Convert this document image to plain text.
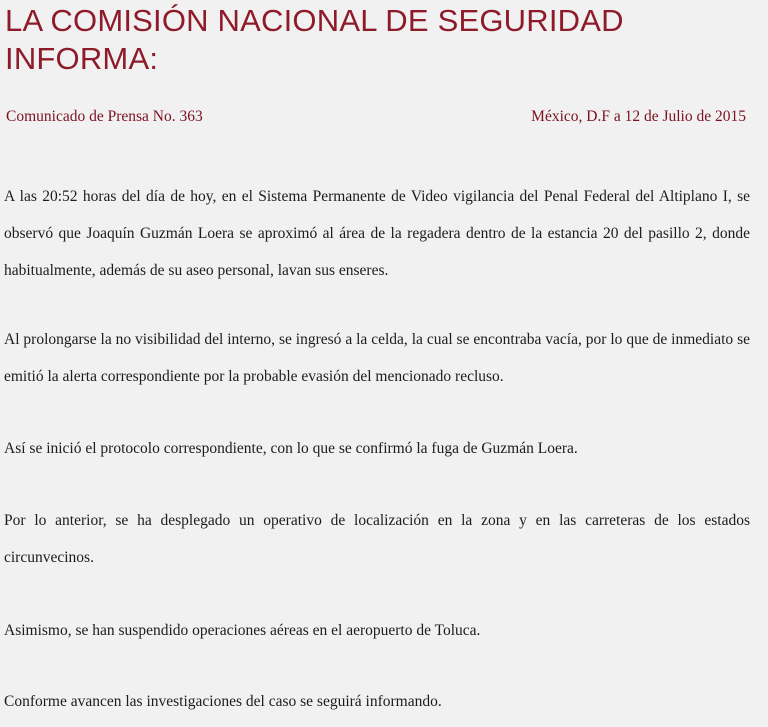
LA COMISIÓN NACIONAL DE SEGURIDAD INFORMA:
Comunicado de Prensa No. 363	México, D.F a 12 de Julio de 2015

A las 20:52 horas del día de hoy, en el Sistema Permanente de Video vigilancia del Penal Federal del Altiplano I, se observó que Joaquín Guzmán Loera se aproximó al área de la regadera dentro de la estancia 20 del pasillo 2, donde habitualmente, además de su aseo personal, lavan sus enseres.

Al prolongarse la no visibilidad del interno, se ingresó a la celda, la cual se encontraba vacía, por lo que de inmediato se emitió la alerta correspondiente por la probable evasión del mencionado recluso.

Así se inició el protocolo correspondiente, con lo que se confirmó la fuga de Guzmán Loera.

Por lo anterior, se ha desplegado un operativo de localización en la zona y en las carreteras de los estados circunvecinos.

Asimismo, se han suspendido operaciones aéreas en el aeropuerto de Toluca.

Conforme avancen las investigaciones del caso se seguirá informando.
